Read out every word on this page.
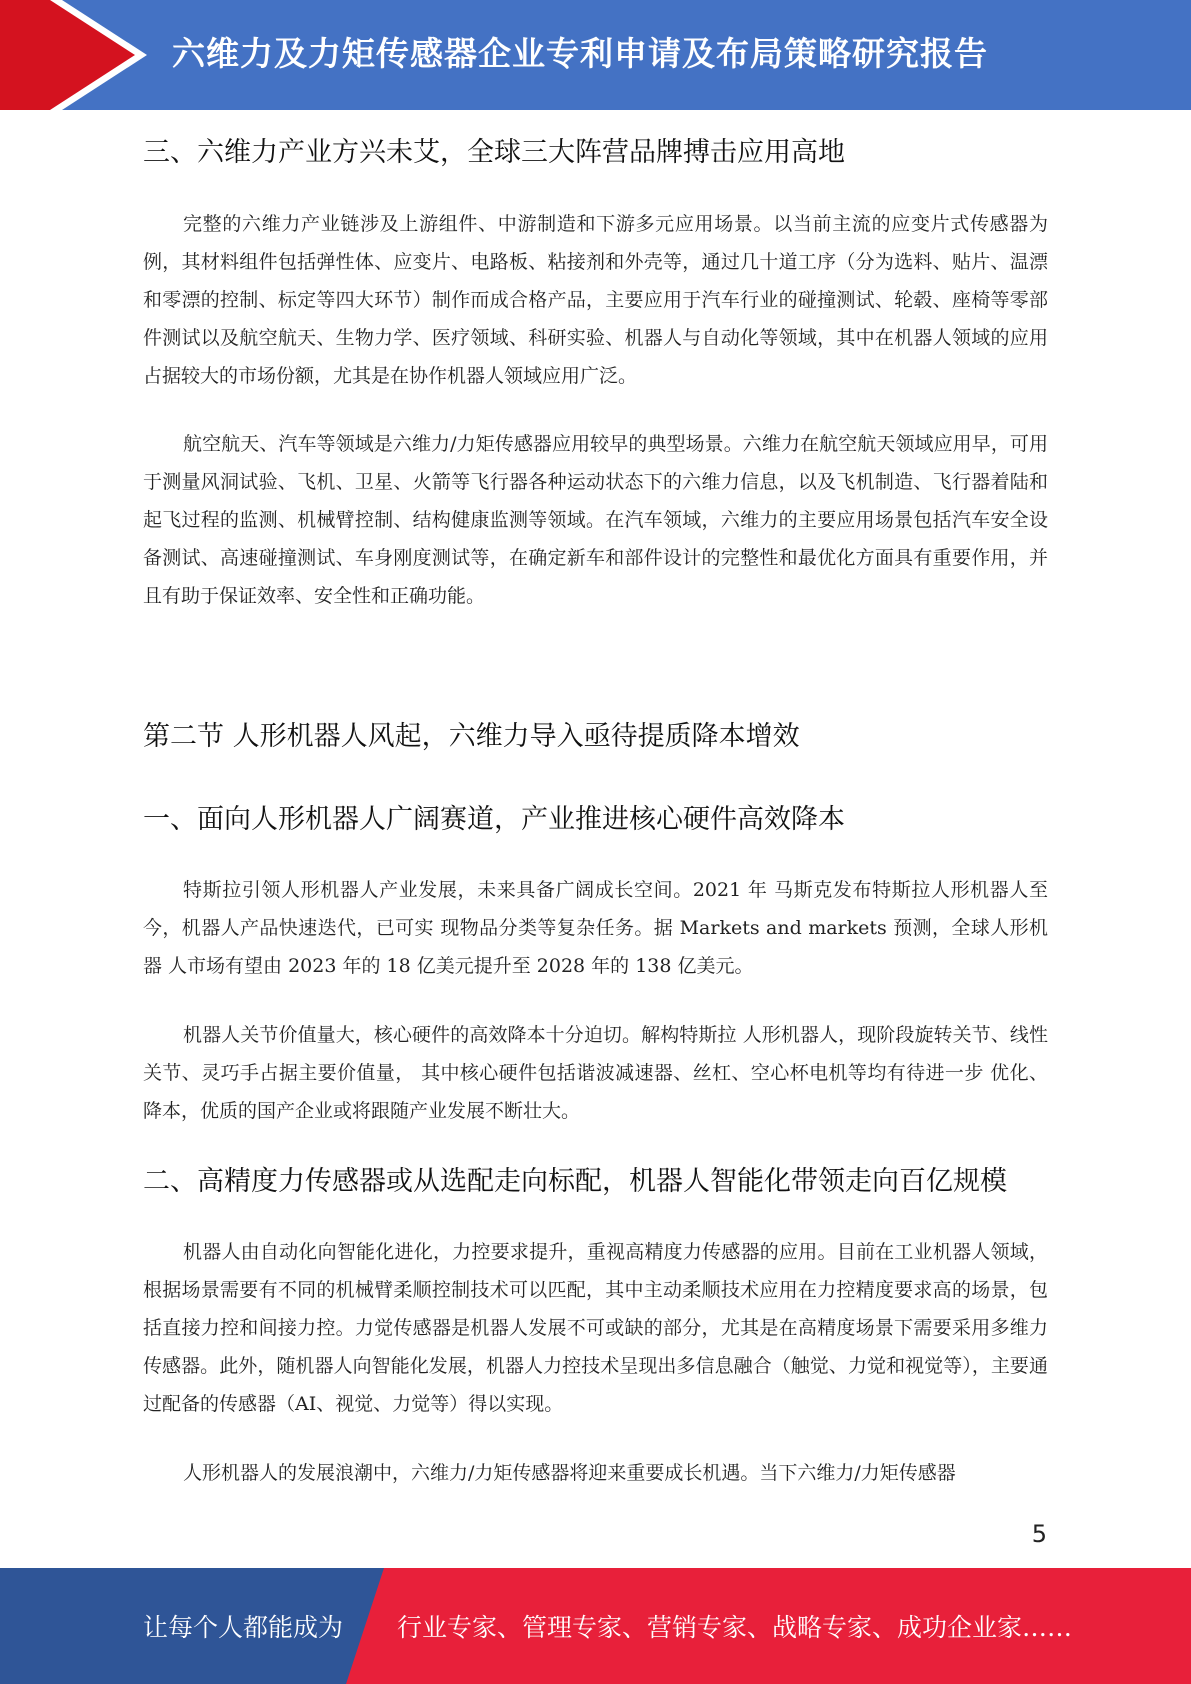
六维力及力矩传感器企业专利申请及布局策略研究报告
三、六维力产业方兴未艾，全球三大阵营品牌搏击应用高地

完整的六维力产业链涉及上游组件、中游制造和下游多元应用场景。以当前主流的应变片式传感器为例，其材料组件包括弹性体、应变片、电路板、粘接剂和外壳等，通过几十道工序（分为选料、贴片、温漂和零漂的控制、标定等四大环节）制作而成合格产品，主要应用于汽车行业的碰撞测试、轮毂、座椅等零部件测试以及航空航天、生物力学、医疗领域、科研实验、机器人与自动化等领域，其中在机器人领域的应用占据较大的市场份额，尤其是在协作机器人领域应用广泛。

航空航天、汽车等领域是六维力/力矩传感器应用较早的典型场景。六维力在航空航天领域应用早，可用于测量风洞试验、飞机、卫星、火箭等飞行器各种运动状态下的六维力信息，以及飞机制造、飞行器着陆和起飞过程的监测、机械臂控制、结构健康监测等领域。在汽车领域，六维力的主要应用场景包括汽车安全设备测试、高速碰撞测试、车身刚度测试等，在确定新车和部件设计的完整性和最优化方面具有重要作用，并且有助于保证效率、安全性和正确功能。

第二节 人形机器人风起，六维力导入亟待提质降本增效
一、面向人形机器人广阔赛道，产业推进核心硬件高效降本

特斯拉引领人形机器人产业发展，未来具备广阔成长空间。2021 年 马斯克发布特斯拉人形机器人至今，机器人产品快速迭代，已可实 现物品分类等复杂任务。据 Markets and markets 预测，全球人形机器 人市场有望由 2023 年的 18 亿美元提升至 2028 年的 138 亿美元。

机器人关节价值量大，核心硬件的高效降本十分迫切。解构特斯拉 人形机器人，现阶段旋转关节、线性关节、灵巧手占据主要价值量， 其中核心硬件包括谐波减速器、丝杠、空心杯电机等均有待进一步 优化、降本，优质的国产企业或将跟随产业发展不断壮大。

二、高精度力传感器或从选配走向标配，机器人智能化带领走向百亿规模

机器人由自动化向智能化进化，力控要求提升，重视高精度力传感器的应用。目前在工业机器人领域，根据场景需要有不同的机械臂柔顺控制技术可以匹配，其中主动柔顺技术应用在力控精度要求高的场景，包括直接力控和间接力控。力觉传感器是机器人发展不可或缺的部分，尤其是在高精度场景下需要采用多维力传感器。此外，随机器人向智能化发展，机器人力控技术呈现出多信息融合（触觉、力觉和视觉等），主要通过配备的传感器（AI、视觉、力觉等）得以实现。

人形机器人的发展浪潮中，六维力/力矩传感器将迎来重要成长机遇。当下六维力/力矩传感器

5
让每个人都能成为 行业专家、管理专家、营销专家、战略专家、成功企业家……
